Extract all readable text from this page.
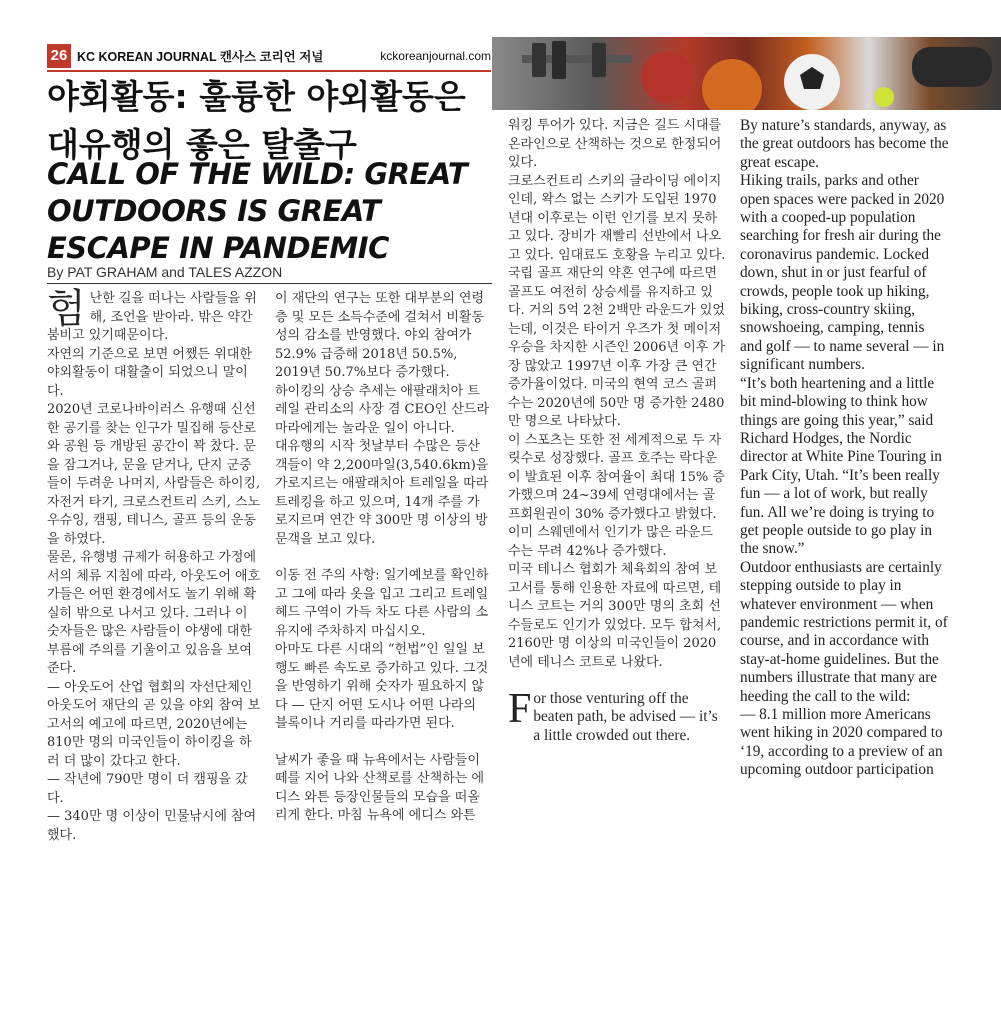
26 KC KOREAN JOURNAL 캔사스 코리언 저널	kckoreanjournal.com
야회활동: 훌륭한 야외활동은 대유행의 좋은 탈출구
CALL OF THE WILD: GREAT OUTDOORS IS GREAT ESCAPE IN PANDEMIC
By PAT GRAHAM and TALES AZZON

험난한 길을 떠나는 사람들을 위해, 조언을 받아라. 밖은 약간 붐비고 있기때문이다.

자연의 기준으로 보면 어쨌든 위대한 야외활동이 대활출이 되었으니 말이다.

2020년 코로나바이러스 유행때 신선한 공기를 찾는 인구가 밀집해 등산로와 공원 등 개방된 공간이 꽉 찼다. 문을 잠그거나, 문을 닫거나, 단지 군중들이 두려운 나머지, 사람들은 하이킹, 자전거 타기, 크로스컨트리 스키, 스노우슈잉, 캠핑, 테니스, 골프 등의 운동을 하였다.

물론, 유행병 규제가 허용하고 가정에서의 체류 지침에 따라, 아웃도어 애호가들은 어떤 환경에서도 놀기 위해 확실히 밖으로 나서고 있다. 그러나 이 숫자들은 많은 사람들이 야생에 대한 부름에 주의를 기울이고 있음을 보여준다.

— 아웃도어 산업 협회의 자선단체인 아웃도어 재단의 곧 있을 야외 참여 보고서의 예고에 따르면, 2020년에는 810만 명의 미국인들이 하이킹을 하러 더 많이 갔다고 한다.

— 작년에 790만 명이 더 캠핑을 갔다.

— 340만 명 이상이 민물낚시에 참여했다.

이 재단의 연구는 또한 대부분의 연령층 및 모든 소득수준에 걸쳐서 비활동성의 감소를 반영했다. 야외 참여가 52.9% 급증해 2018년 50.5%, 2019년 50.7%보다 증가했다.

하이킹의 상승 추세는 애팔래치아 트레일 관리소의 사장 겸 CEO인 산드라 마라에게는 놀라운 일이 아니다.

대유행의 시작 첫날부터 수많은 등산객들이 약 2,200마일(3,540.6km)을 가로지르는 애팔래치아 트레일을 따라 트레킹을 하고 있으며, 14개 주를 가로지르며 연간 약 300만 명 이상의 방문객을 보고 있다.

이동 전 주의 사항: 일기예보를 확인하고 그에 따라 옷을 입고 그리고 트레일헤드 구역이 가득 차도 다른 사람의 소유지에 주차하지 마십시오.

아마도 다른 시대의 “헌법”인 일일 보행도 빠른 속도로 증가하고 있다. 그것을 반영하기 위해 숫자가 필요하지 않다 — 단지 어떤 도시나 어떤 나라의 블록이나 거리를 따라가면 된다.

날씨가 좋을 때 뉴욕에서는 사람들이 떼를 지어 나와 산책로를 산책하는 에디스 와튼 등장인물들의 모습을 떠올리게 한다. 마침 뉴욕에 에디스 와튼

워킹 투어가 있다. 지금은 길드 시대를 온라인으로 산책하는 것으로 한정되어 있다.

크로스컨트리 스키의 글라이딩 에이지인데, 왁스 없는 스키가 도입된 1970년대 이후로는 이런 인기를 보지 못하고 있다. 장비가 재빨리 선반에서 나오고 있다. 임대료도 호황을 누리고 있다.

국립 골프 재단의 약혼 연구에 따르면 골프도 여전히 상승세를 유지하고 있다. 거의 5억 2천 2백만 라운드가 있었는데, 이것은 타이거 우즈가 첫 메이저 우승을 차지한 시즌인 2006년 이후 가장 많았고 1997년 이후 가장 큰 연간 증가율이었다. 미국의 현역 코스 골퍼 수는 2020년에 50만 명 증가한 2480만 명으로 나타났다.

이 스포츠는 또한 전 세계적으로 두 자릿수로 성장했다. 골프 호주는 락다운이 발효된 이후 참여율이 최대 15% 증가했으며 24~39세 연령대에서는 골프회원권이 30% 증가했다고 밝혔다.

이미 스웨덴에서 인기가 많은 라운드 수는 무려 42%나 증가했다.

미국 테니스 협회가 체육회의 참여 보고서를 통해 인용한 자료에 따르면, 테니스 코트는 거의 300만 명의 초회 선수들로도 인기가 있었다. 모두 합쳐서, 2160만 명 이상의 미국인들이 2020년에 테니스 코트로 나왔다.

For those venturing off the beaten path, be advised — it’s a little crowded out there.

By nature’s standards, anyway, as the great outdoors has become the great escape.

Hiking trails, parks and other open spaces were packed in 2020 with a cooped-up population searching for fresh air during the coronavirus pandemic. Locked down, shut in or just fearful of crowds, people took up hiking, biking, cross-country skiing, snowshoeing, camping, tennis and golf — to name several — in significant numbers.

“It’s both heartening and a little bit mind-blowing to think how things are going this year,” said Richard Hodges, the Nordic director at White Pine Touring in Park City, Utah. “It’s been really fun — a lot of work, but really fun. All we’re doing is trying to get people outside to go play in the snow.”

Outdoor enthusiasts are certainly stepping outside to play in whatever environment — when pandemic restrictions permit it, of course, and in accordance with stay-at-home guidelines. But the numbers illustrate that many are heeding the call to the wild:

— 8.1 million more Americans went hiking in 2020 compared to ‘19, according to a preview of an upcoming outdoor participation
